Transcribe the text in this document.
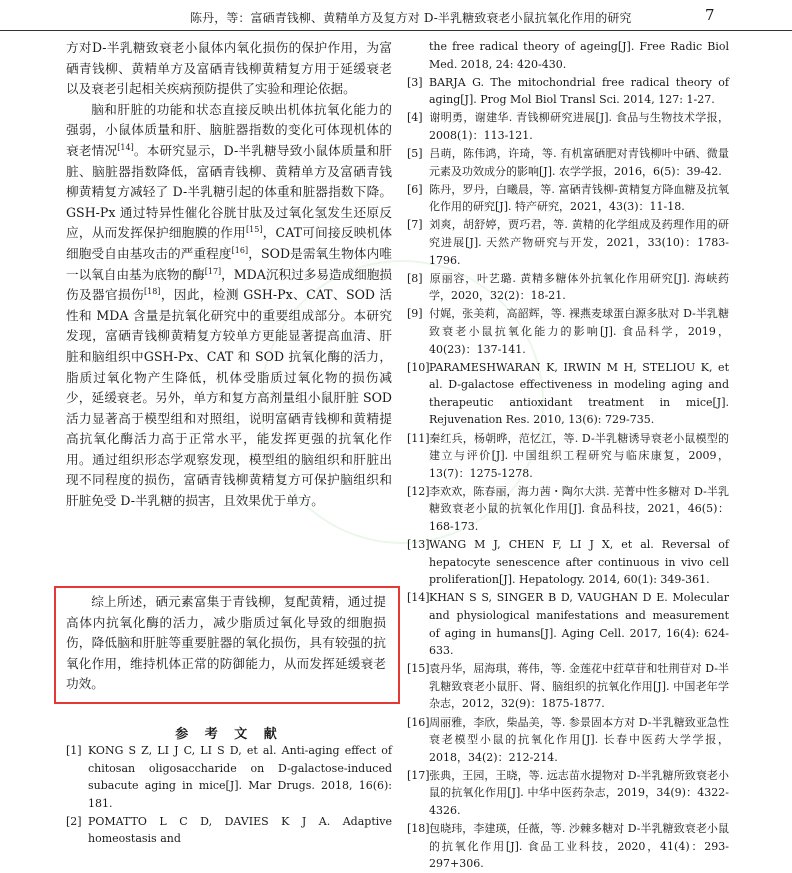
陈丹，等：富硒青钱柳、黄精单方及复方对 D-半乳糖致衰老小鼠抗氧化作用的研究	7

方对D-半乳糖致衰老小鼠体内氧化损伤的保护作用，为富硒青钱柳、黄精单方及富硒青钱柳黄精复方用于延缓衰老以及衰老引起相关疾病预防提供了实验和理论依据。

脑和肝脏的功能和状态直接反映出机体抗氧化能力的强弱，小鼠体质量和肝、脑脏器指数的变化可体现机体的衰老情况[14]。本研究显示，D-半乳糖导致小鼠体质量和肝脏、脑脏器指数降低，富硒青钱柳、黄精单方及富硒青钱柳黄精复方减轻了 D-半乳糖引起的体重和脏器指数下降。GSH-Px 通过特异性催化谷胱甘肽及过氧化氢发生还原反应，从而发挥保护细胞膜的作用[15]，CAT可间接反映机体细胞受自由基攻击的严重程度[16]，SOD是需氧生物体内唯一以氧自由基为底物的酶[17]，MDA沉积过多易造成细胞损伤及器官损伤[18]，因此，检测 GSH-Px、CAT、SOD 活性和 MDA 含量是抗氧化研究中的重要组成部分。本研究发现，富硒青钱柳黄精复方较单方更能显著提高血清、肝脏和脑组织中GSH-Px、CAT 和 SOD 抗氧化酶的活力，脂质过氧化物产生降低，机体受脂质过氧化物的损伤减少，延缓衰老。另外，单方和复方高剂量组小鼠肝脏 SOD 活力显著高于模型组和对照组，说明富硒青钱柳和黄精提高抗氧化酶活力高于正常水平，能发挥更强的抗氧化作用。通过组织形态学观察发现，模型组的脑组织和肝脏出现不同程度的损伤，富硒青钱柳黄精复方可保护脑组织和肝脏免受 D-半乳糖的损害，且效果优于单方。

综上所述，硒元素富集于青钱柳，复配黄精，通过提高体内抗氧化酶的活力，减少脂质过氧化导致的细胞损伤，降低脑和肝脏等重要脏器的氧化损伤，具有较强的抗氧化作用，维持机体正常的防御能力，从而发挥延缓衰老功效。

参 考 文 献

[1] KONG S Z, LI J C, LI S D, et al. Anti-aging effect of chitosan oligosaccharide on D-galactose-induced subacute aging in mice[J]. Mar Drugs. 2018, 16(6): 181.

[2] POMATTO L C D, DAVIES K J A. Adaptive homeostasis and

the free radical theory of ageing[J]. Free Radic Biol Med. 2018, 24: 420-430.

[3] BARJA G. The mitochondrial free radical theory of aging[J]. Prog Mol Biol Transl Sci. 2014, 127: 1-27.

[4] 谢明勇，谢建华. 青钱柳研究进展[J]. 食品与生物技术学报，2008(1)：113-121.

[5] 吕萌，陈伟鸿，许琦，等. 有机富硒肥对青钱柳叶中硒、微量元素及功效成分的影响[J]. 农学学报，2016，6(5)：39-42.

[6] 陈丹，罗丹，白曦晨，等. 富硒青钱柳-黄精复方降血糖及抗氧化作用的研究[J]. 特产研究，2021，43(3)：11-18.

[7] 刘爽，胡舒婷，贾巧君，等. 黄精的化学组成及药理作用的研究进展[J]. 天然产物研究与开发，2021，33(10)：1783-1796.

[8] 原丽容，叶艺璐. 黄精多糖体外抗氧化作用研究[J]. 海峡药学，2020，32(2)：18-21.

[9] 付娓，张美莉，高韶辉，等. 裸燕麦球蛋白源多肽对 D-半乳糖致衰老小鼠抗氧化能力的影响[J]. 食品科学，2019，40(23)：137-141.

[10]PARAMESHWARAN K, IRWIN M H, STELIOU K, et al. D-galactose effectiveness in modeling aging and therapeutic antioxidant treatment in mice[J]. Rejuvenation Res. 2010, 13(6): 729-735.

[11]秦红兵，杨朝晔，范忆江，等. D-半乳糖诱导衰老小鼠模型的建立与评价[J]. 中国组织工程研究与临床康复，2009，13(7)：1275-1278.

[12]李欢欢，陈春丽，海力茜・陶尔大洪. 芜菁中性多糖对 D-半乳糖致衰老小鼠的抗氧化作用[J]. 食品科技，2021，46(5)：168-173.

[13]WANG M J, CHEN F, LI J X, et al. Reversal of hepatocyte senescence after continuous in vivo cell proliferation[J]. Hepatology. 2014, 60(1): 349-361.

[14]KHAN S S, SINGER B D, VAUGHAN D E. Molecular and physiological manifestations and measurement of aging in humans[J]. Aging Cell. 2017, 16(4): 624-633.

[15]袁丹华，屈海琪，蒋伟，等. 金莲花中荭草苷和牡荆苷对 D-半乳糖致衰老小鼠肝、肾、脑组织的抗氧化作用[J]. 中国老年学杂志，2012，32(9)：1875-1877.

[16]周丽雅，李欣，柴晶美，等. 参景固本方对 D-半乳糖致亚急性衰老模型小鼠的抗氧化作用[J]. 长春中医药大学学报，2018，34(2)：212-214.

[17]张典，王园，王晓，等. 远志苗水提物对 D-半乳糖所致衰老小鼠的抗氧化作用[J]. 中华中医药杂志，2019，34(9)：4322-4326.

[18]包晓玮，李建瑛，任薇，等. 沙棘多糖对 D-半乳糖致衰老小鼠的抗氧化作用[J]. 食品工业科技，2020，41(4)：293-297+306.
